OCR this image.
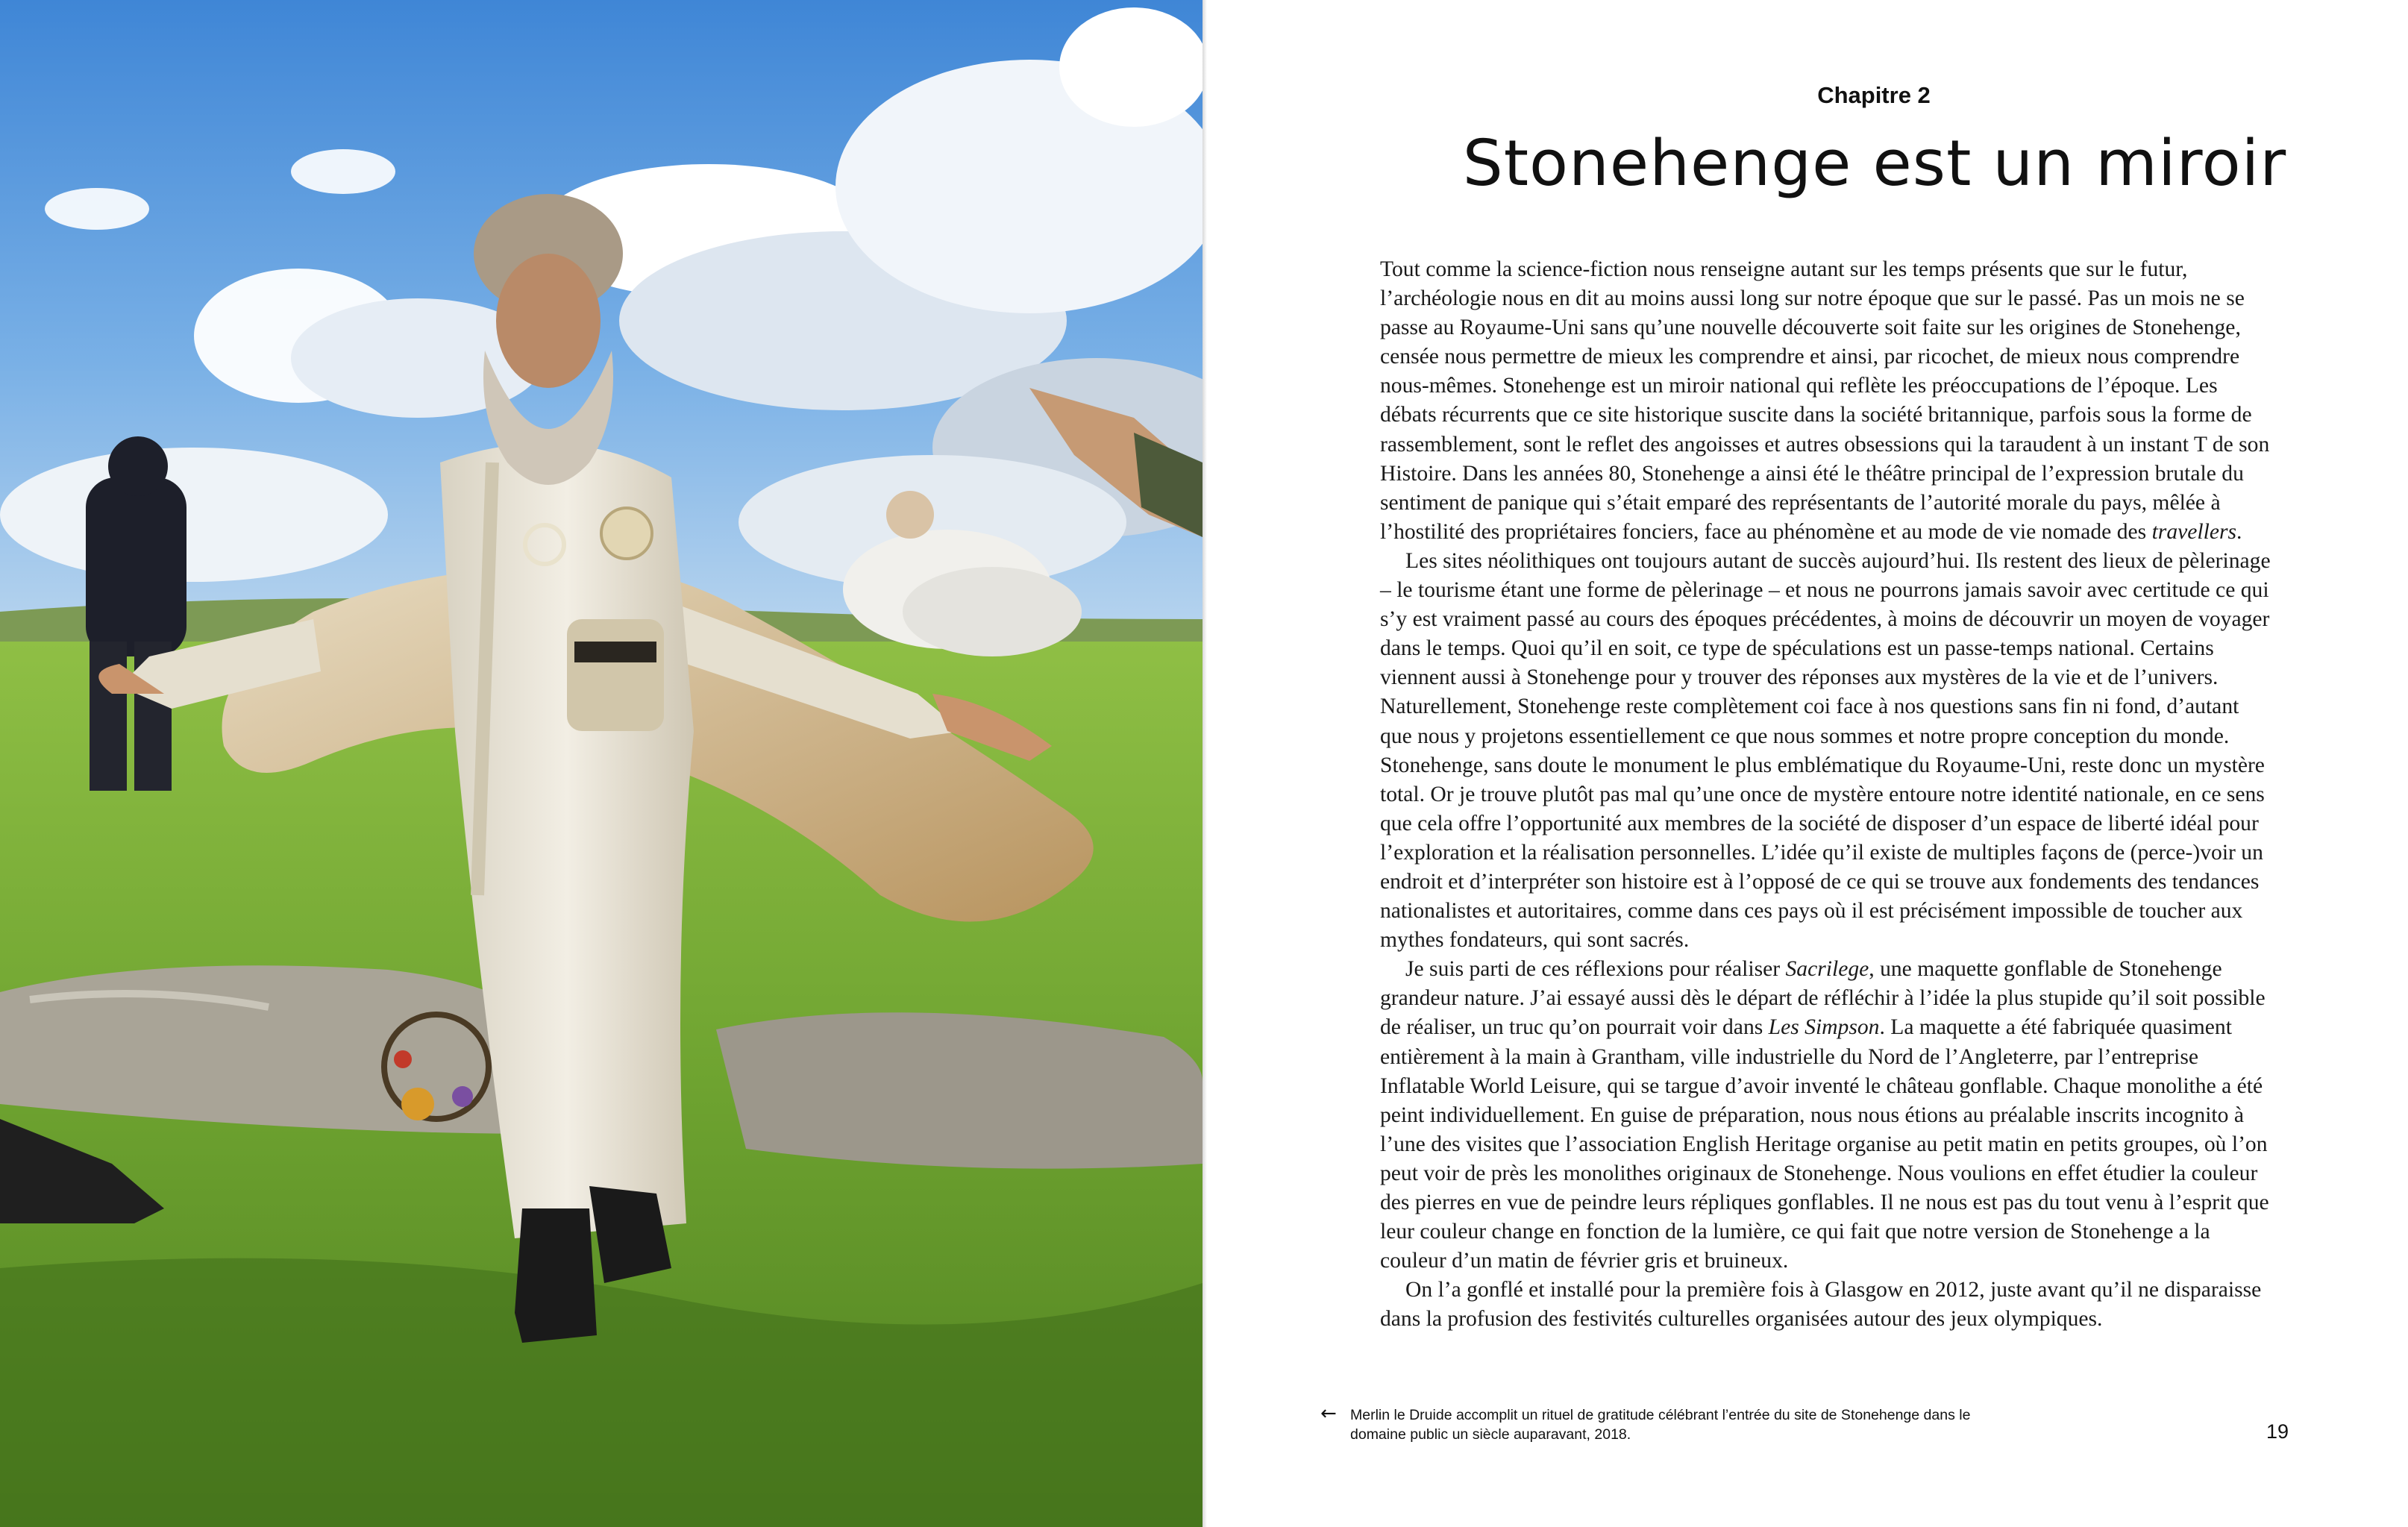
Chapitre 2
Stonehenge est un miroir

Tout comme la science-fiction nous renseigne autant sur les temps présents que sur le futur, l’archéologie nous en dit au moins aussi long sur notre époque que sur le passé. Pas un mois ne se passe au Royaume-Uni sans qu’une nouvelle découverte soit faite sur les origines de Stonehenge, censée nous permettre de mieux les comprendre et ainsi, par ricochet, de mieux nous comprendre nous-mêmes. Stonehenge est un miroir national qui reflète les préoccupations de l’époque. Les débats récurrents que ce site historique suscite dans la société britannique, parfois sous la forme de rassemblement, sont le reflet des angoisses et autres obsessions qui la taraudent à un instant T de son Histoire. Dans les années 80, Stonehenge a ainsi été le théâtre principal de l’expression brutale du sentiment de panique qui s’était emparé des représentants de l’autorité morale du pays, mêlée à l’hostilité des propriétaires fonciers, face au phénomène et au mode de vie nomade des travellers.

Les sites néolithiques ont toujours autant de succès aujourd’hui. Ils restent des lieux de pèlerinage – le tourisme étant une forme de pèlerinage – et nous ne pourrons jamais savoir avec certitude ce qui s’y est vraiment passé au cours des époques précédentes, à moins de découvrir un moyen de voyager dans le temps. Quoi qu’il en soit, ce type de spéculations est un passe-temps national. Certains viennent aussi à Stonehenge pour y trouver des réponses aux mystères de la vie et de l’univers. Naturellement, Stonehenge reste complètement coi face à nos questions sans fin ni fond, d’autant que nous y projetons essentiellement ce que nous sommes et notre propre conception du monde. Stonehenge, sans doute le monument le plus emblématique du Royaume-Uni, reste donc un mystère total. Or je trouve plutôt pas mal qu’une once de mystère entoure notre identité nationale, en ce sens que cela offre l’opportunité aux membres de la société de disposer d’un espace de liberté idéal pour l’exploration et la réalisation personnelles. L’idée qu’il existe de multiples façons de (perce-)voir un endroit et d’interpréter son histoire est à l’opposé de ce qui se trouve aux fondements des tendances nationalistes et autoritaires, comme dans ces pays où il est précisément impossible de toucher aux mythes fondateurs, qui sont sacrés.

Je suis parti de ces réflexions pour réaliser Sacrilege, une maquette gonflable de Stonehenge grandeur nature. J’ai essayé aussi dès le départ de réfléchir à l’idée la plus stupide qu’il soit possible de réaliser, un truc qu’on pourrait voir dans Les Simpson. La maquette a été fabriquée quasiment entièrement à la main à Grantham, ville industrielle du Nord de l’Angleterre, par l’entreprise Inflatable World Leisure, qui se targue d’avoir inventé le château gonflable. Chaque monolithe a été peint individuellement. En guise de préparation, nous nous étions au préalable inscrits incognito à l’une des visites que l’association English Heritage organise au petit matin en petits groupes, où l’on peut voir de près les monolithes originaux de Stonehenge. Nous voulions en effet étudier la couleur des pierres en vue de peindre leurs répliques gonflables. Il ne nous est pas du tout venu à l’esprit que leur couleur change en fonction de la lumière, ce qui fait que notre version de Stonehenge a la couleur d’un matin de février gris et bruineux.

On l’a gonflé et installé pour la première fois à Glasgow en 2012, juste avant qu’il ne disparaisse dans la profusion des festivités culturelles organisées autour des jeux olympiques.

← Merlin le Druide accomplit un rituel de gratitude célébrant l’entrée du site de Stonehenge dans le domaine public un siècle auparavant, 2018.	19
